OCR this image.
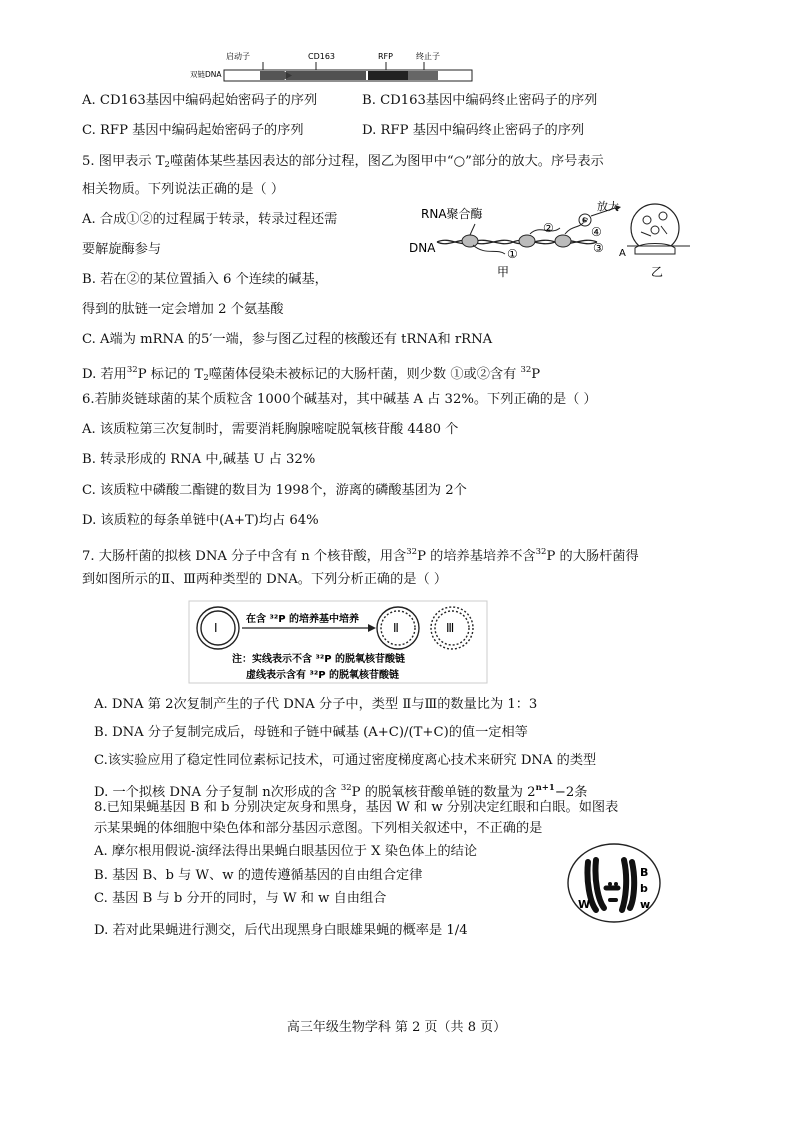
启动子	CD163	RFP	终止子
双链DNA
A. CD163基因中编码起始密码子的序列	B. CD163基因中编码终止密码子的序列
C. RFP 基因中编码起始密码子的序列	D. RFP 基因中编码终止密码子的序列
5. 图甲表示 $T_2$噬菌体某些基因表达的部分过程，图乙为图甲中“○”部分的放大。序号表示
相关物质。下列说法正确的是（ ）
A. 合成①②的过程属于转录，转录过程还需
要解旋酶参与
B. 若在②的某位置插入 6 个连续的碱基，
得到的肽链一定会增加 2 个氨基酸
C. A端为 mRNA 的5′一端，参与图乙过程的核酸还有 tRNA和 rRNA
D. 若用$^{32}$P 标记的 $T_2$噬菌体侵染未被标记的大肠杆菌，则少数 ①或②含有 $^{32}$P
RNA聚合酶
DNA	①
②
⑤
放大
④
③
甲
A
乙
6.若肺炎链球菌的某个质粒含 1000个碱基对，其中碱基 A 占 32%。下列正确的是（ ）
A. 该质粒第三次复制时，需要消耗胸腺嘧啶脱氧核苷酸 4480 个
B. 转录形成的 RNA 中,碱基 U 占 32%
C. 该质粒中磷酸二酯键的数目为 1998个，游离的磷酸基团为 2个
D. 该质粒的每条单链中(A+T)均占 64%
7. 大肠杆菌的拟核 DNA 分子中含有 n 个核苷酸，用含$^{32}$P 的培养基培养不含$^{32}$P 的大肠杆菌得
到如图所示的Ⅱ、Ⅲ两种类型的 DNA。下列分析正确的是（ ）
Ⅰ
在含 ³²P 的培养基中培养
Ⅱ	Ⅲ
注：实线表示不含 ³²P 的脱氧核苷酸链
虚线表示含有 ³²P 的脱氧核苷酸链
A. DNA 第 2次复制产生的子代 DNA 分子中，类型 Ⅱ与Ⅲ的数量比为 1：3
B. DNA 分子复制完成后，母链和子链中碱基 (A+C)/(T+C)的值一定相等
C.该实验应用了稳定性同位素标记技术，可通过密度梯度离心技术来研究 DNA 的类型
D. 一个拟核 DNA 分子复制 n次形成的含 $^{32}$P 的脱氧核苷酸单链的数量为 $2^{n+1}-2$条
8.已知果蝇基因 B 和 b 分别决定灰身和黑身，基因 W 和 w 分别决定红眼和白眼。如图表
示某果蝇的体细胞中染色体和部分基因示意图。下列相关叙述中，不正确的是
A. 摩尔根用假说-演绎法得出果蝇白眼基因位于 X 染色体上的结论
B. 基因 B、b 与 W、w 的遗传遵循基因的自由组合定律
C. 基因 B 与 b 分开的同时，与 W 和 w 自由组合
D. 若对此果蝇进行测交，后代出现黑身白眼雄果蝇的概率是 1/4
B
b
W	w
高三年级生物学科 第 2 页（共 8 页）
